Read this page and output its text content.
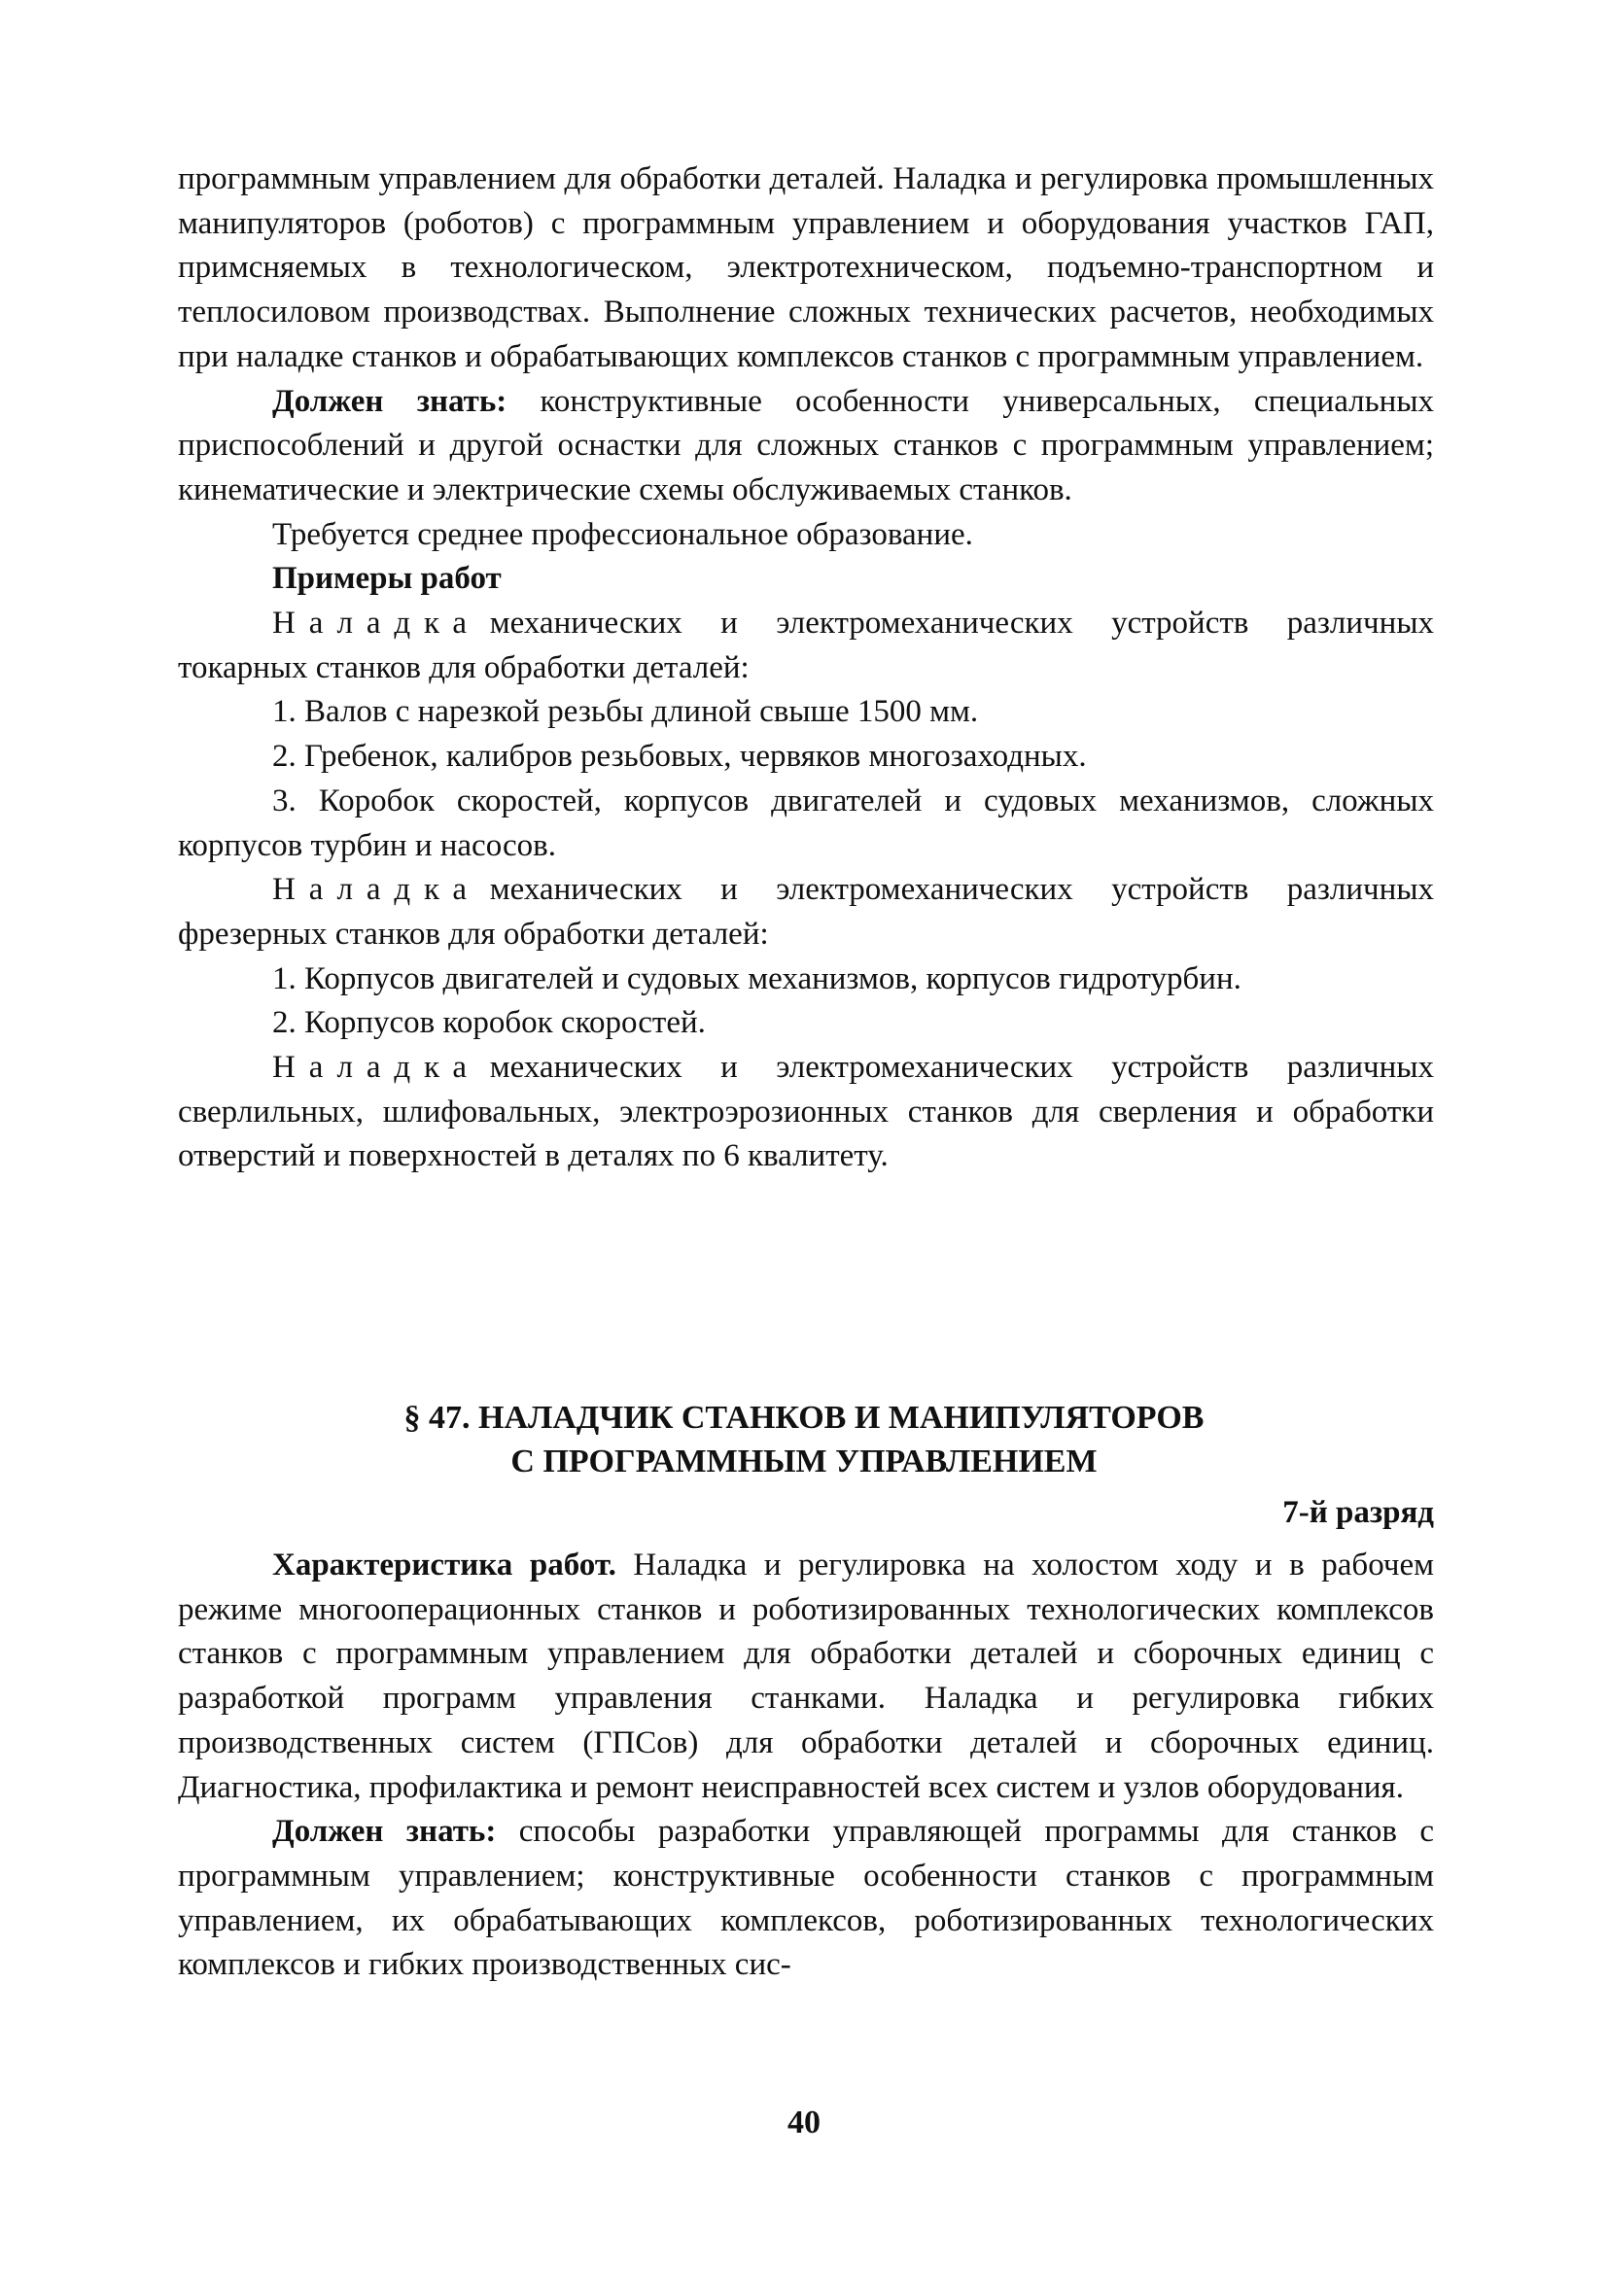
программным управлением для обработки деталей. Наладка и регулировка промышленных манипуляторов (роботов) с программным управлением и оборудования участков ГАП, примсняемых в технологическом, электротехническом, подъемно-транспортном и теплосиловом производствах. Выполнение сложных технических расчетов, необходимых при наладке станков и обрабатывающих комплексов станков с программным управлением.

Должен знать: конструктивные особенности универсальных, специальных приспособлений и другой оснастки для сложных станков с программным управлением; кинематические и электрические схемы обслуживаемых станков.

Требуется среднее профессиональное образование.

Примеры работ

Наладка механических и электромеханических устройств различных токарных станков для обработки деталей:

1. Валов с нарезкой резьбы длиной свыше 1500 мм.

2. Гребенок, калибров резьбовых, червяков многозаходных.

3. Коробок скоростей, корпусов двигателей и судовых механизмов, сложных корпусов турбин и насосов.

Наладка механических и электромеханических устройств различных фрезерных станков для обработки деталей:

1. Корпусов двигателей и судовых механизмов, корпусов гидротурбин.

2. Корпусов коробок скоростей.

Наладка механических и электромеханических устройств различных сверлильных, шлифовальных, электроэрозионных станков для сверления и обработки отверстий и поверхностей в деталях по 6 квалитету.

§ 47. НАЛАДЧИК СТАНКОВ И МАНИПУЛЯТОРОВ
С ПРОГРАММНЫМ УПРАВЛЕНИЕМ
7-й разряд

Характеристика работ. Наладка и регулировка на холостом ходу и в рабочем режиме многооперационных станков и роботизированных технологических комплексов станков с программным управлением для обработки деталей и сборочных единиц с разработкой программ управления станками. Наладка и регулировка гибких производственных систем (ГПСов) для обработки деталей и сборочных единиц. Диагностика, профилактика и ремонт неисправностей всех систем и узлов оборудования.

Должен знать: способы разработки управляющей программы для станков с программным управлением; конструктивные особенности станков с программным управлением, их обрабатывающих комплексов, роботизированных технологических комплексов и гибких производственных сис-

40
